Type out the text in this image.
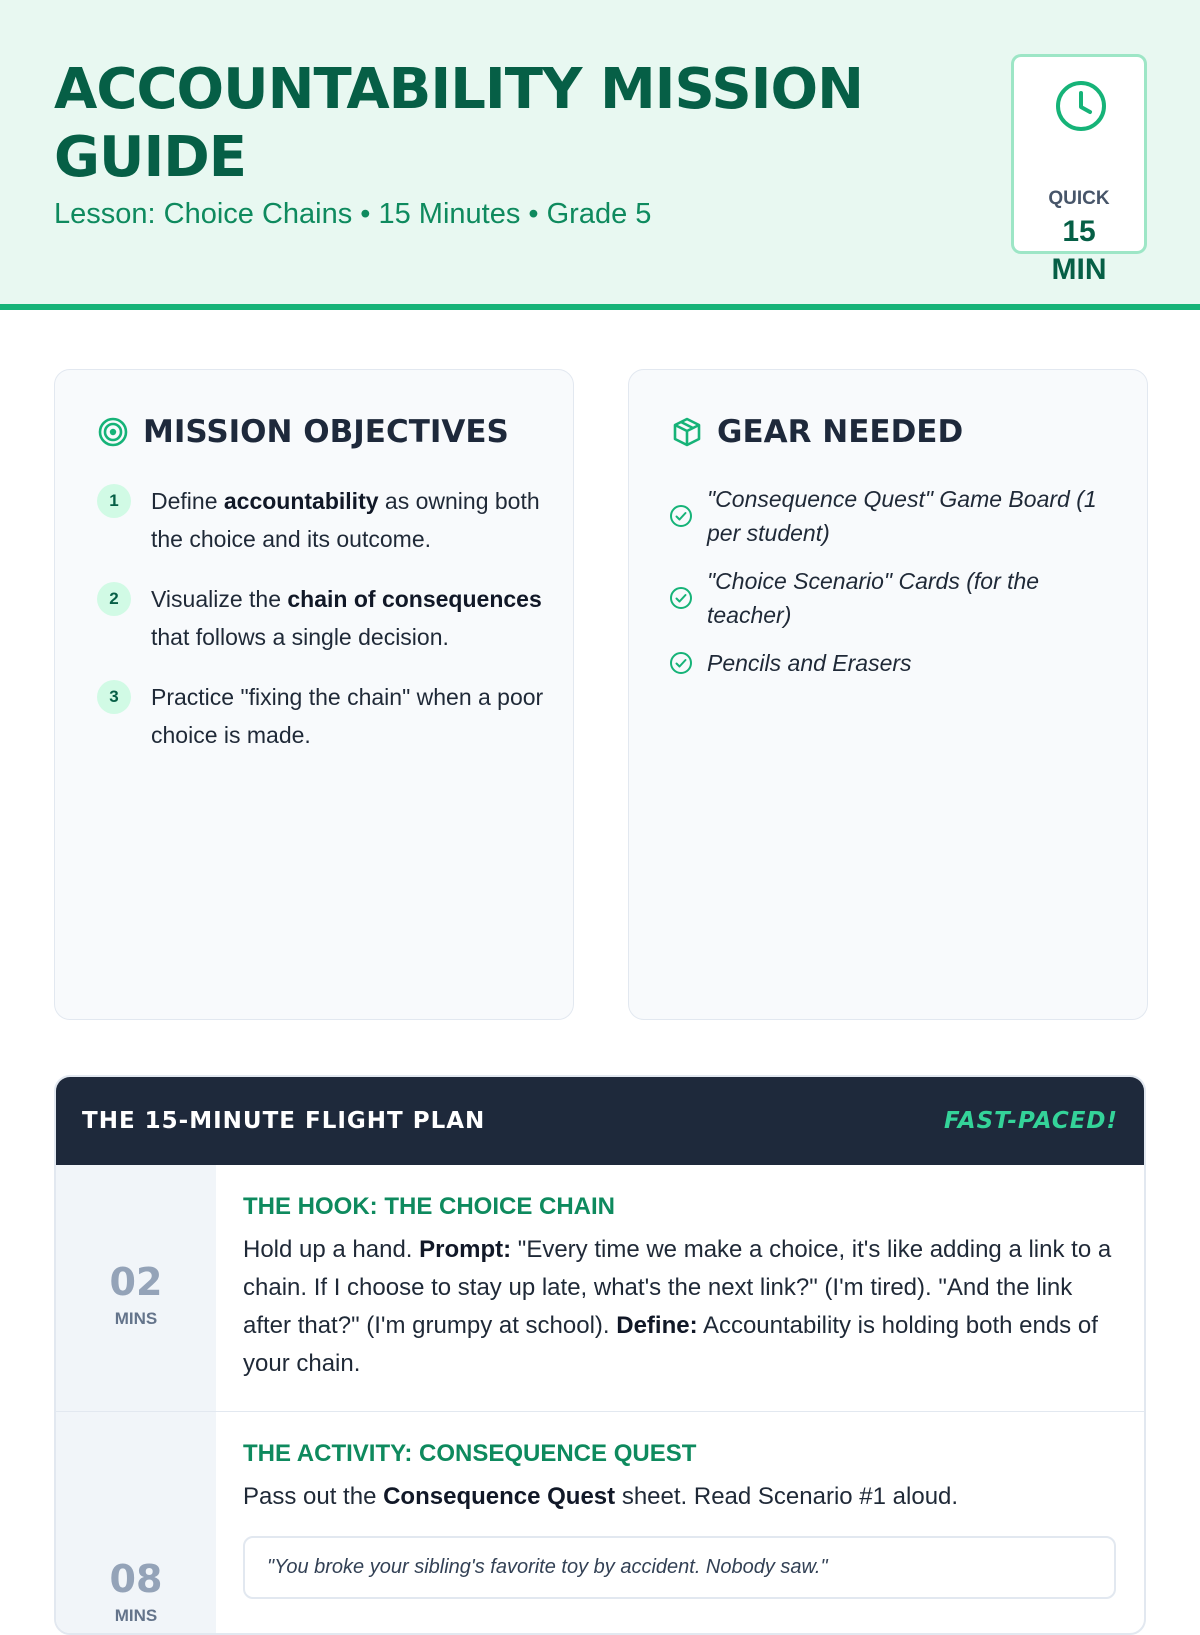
ACCOUNTABILITY MISSION GUIDE
Lesson: Choice Chains • 15 Minutes • Grade 5	QUICK
15
MIN
MISSION OBJECTIVES
1	Define accountability as owning both the choice and its outcome.
2	Visualize the chain of consequences that follows a single decision.
3	Practice "fixing the chain" when a poor choice is made.
GEAR NEEDED
"Consequence Quest" Game Board (1 per student)
"Choice Scenario" Cards (for the teacher)
Pencils and Erasers
THE 15-MINUTE FLIGHT PLAN	FAST-PACED!
02
MINS
THE HOOK: THE CHOICE CHAIN
Hold up a hand. Prompt: "Every time we make a choice, it's like adding a link to a chain. If I choose to stay up late, what's the next link?" (I'm tired). "And the link after that?" (I'm grumpy at school). Define: Accountability is holding both ends of your chain.
08
MINS
THE ACTIVITY: CONSEQUENCE QUEST
Pass out the Consequence Quest sheet. Read Scenario #1 aloud.
"You broke your sibling's favorite toy by accident. Nobody saw."
